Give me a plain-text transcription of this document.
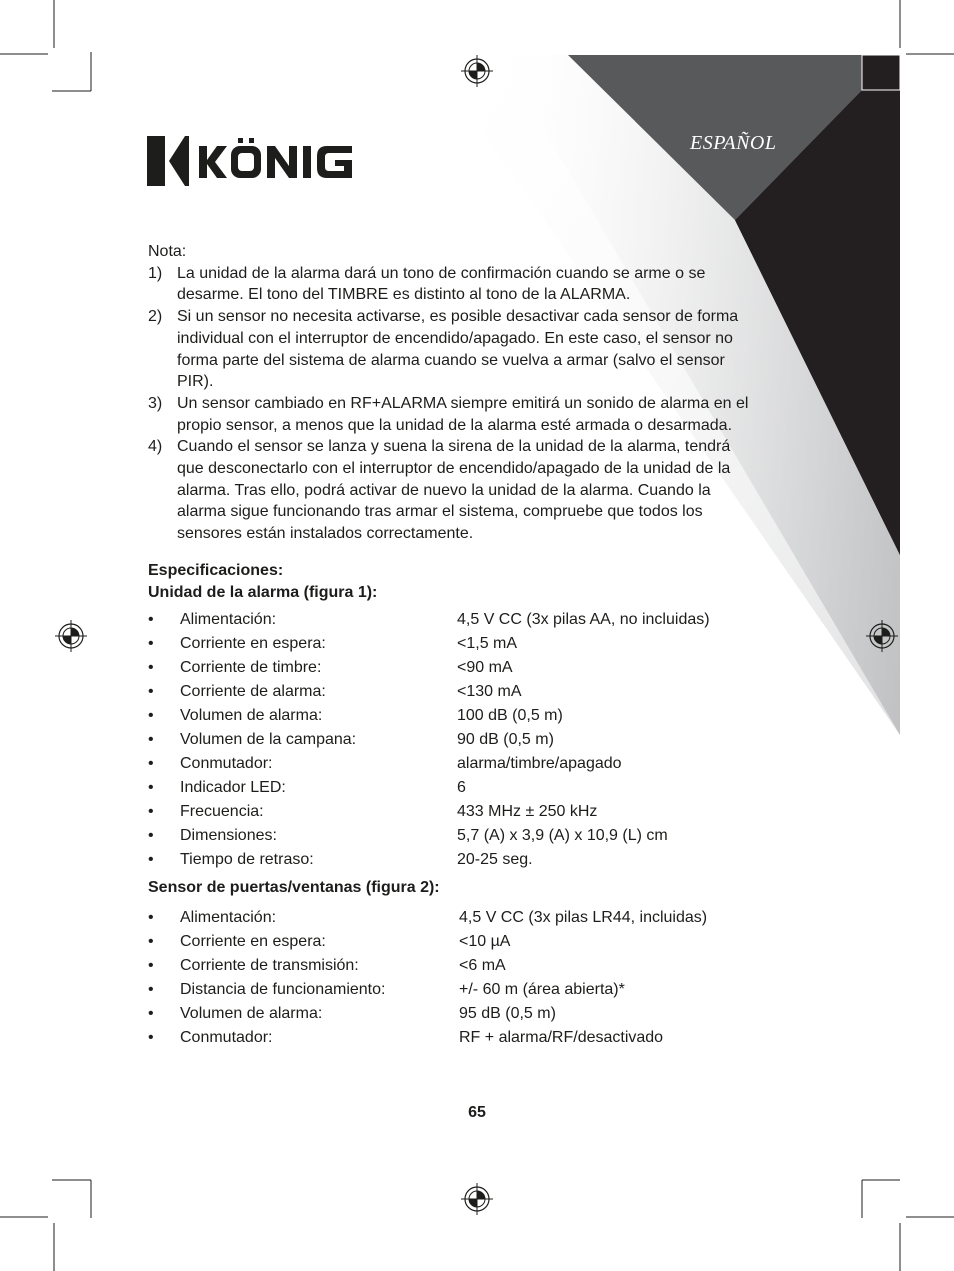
ESPAÑOL

Nota:

1) La unidad de la alarma dará un tono de confirmación cuando se arme o se desarme. El tono del TIMBRE es distinto al tono de la ALARMA.
2) Si un sensor no necesita activarse, es posible desactivar cada sensor de forma individual con el interruptor de encendido/apagado. En este caso, el sensor no forma parte del sistema de alarma cuando se vuelva a armar (salvo el sensor PIR).
3) Un sensor cambiado en RF+ALARMA siempre emitirá un sonido de alarma en el propio sensor, a menos que la unidad de la alarma esté armada o desarmada.
4) Cuando el sensor se lanza y suena la sirena de la unidad de la alarma, tendrá que desconectarlo con el interruptor de encendido/apagado de la unidad de la alarma. Tras ello, podrá activar de nuevo la unidad de la alarma. Cuando la alarma sigue funcionando tras armar el sistema, compruebe que todos los sensores están instalados correctamente.

Especificaciones:

Unidad de la alarma (figura 1):

• Alimentación:	4,5 V CC (3x pilas AA, no incluidas)
• Corriente en espera:	<1,5 mA
• Corriente de timbre:	<90 mA
• Corriente de alarma:	<130 mA
• Volumen de alarma:	100 dB (0,5 m)
• Volumen de la campana:	90 dB (0,5 m)
• Conmutador:	alarma/timbre/apagado
• Indicador LED:	6
• Frecuencia:	433 MHz ± 250 kHz
• Dimensiones:	5,7 (A) x 3,9 (A) x 10,9 (L) cm
• Tiempo de retraso:	20-25 seg.

Sensor de puertas/ventanas (figura 2):

• Alimentación:	4,5 V CC (3x pilas LR44, incluidas)
• Corriente en espera:	<10 µA
• Corriente de transmisión:	<6 mA
• Distancia de funcionamiento:	+/- 60 m (área abierta)*
• Volumen de alarma:	95 dB (0,5 m)
• Conmutador:	RF + alarma/RF/desactivado
65
